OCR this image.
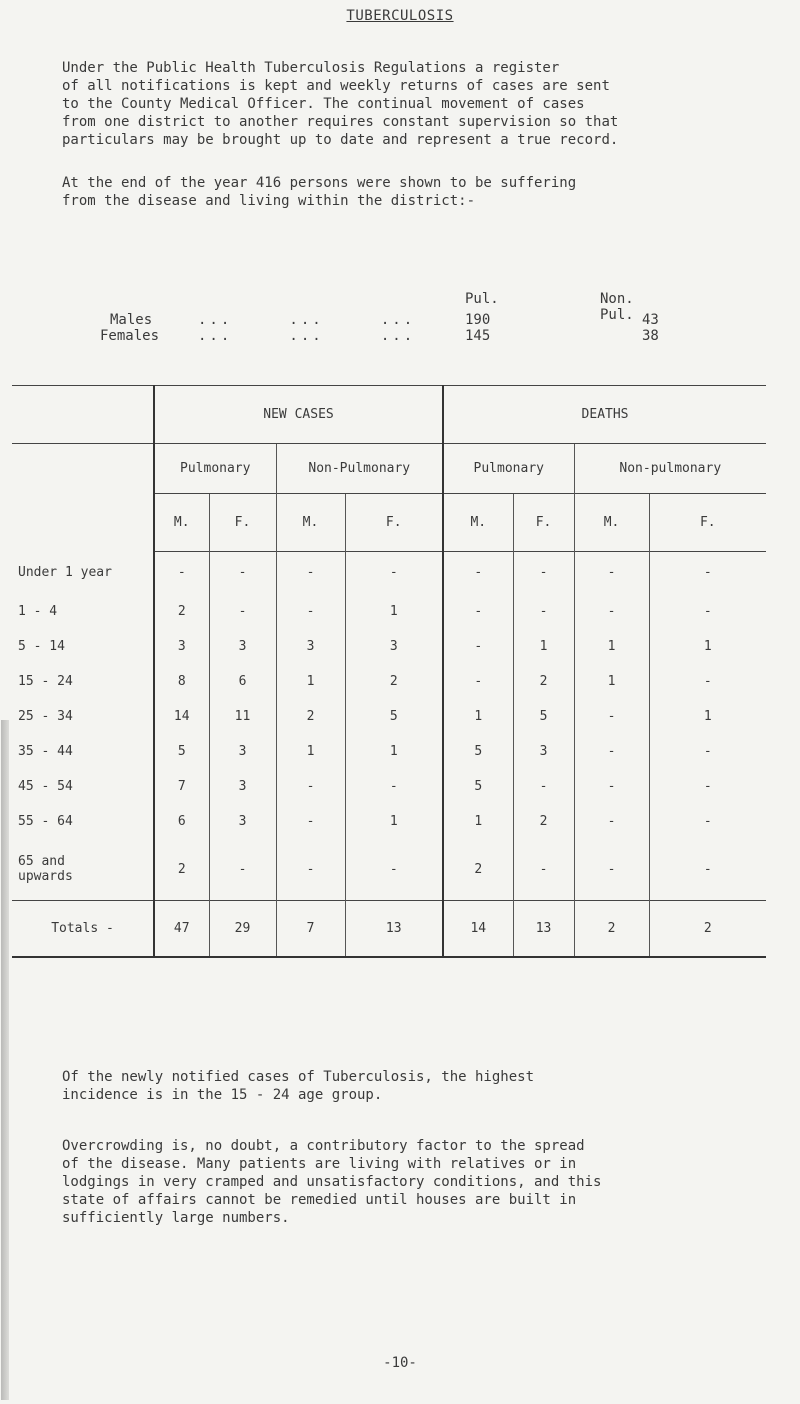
TUBERCULOSIS
Under the Public Health Tuberculosis Regulations a register
of all notifications is kept and weekly returns of cases are sent
to the County Medical Officer. The continual movement of cases
from one district to another requires constant supervision so that
particulars may be brought up to date and represent a true record.
At the end of the year 416 persons were shown to be suffering
from the disease and living within the district:-
Pul.	Non. Pul.
Males	...     ...     ...	190	43
Females	...     ...     ...	145	38
	NEW CASES				DEATHS			
	Pulmonary		Non-Pulmonary		Pulmonary		Non-pulmonary	
	M.	F.	M.	F.	M.	F.	M.	F.
Under 1 year	-	-	-	-	-	-	-	-
1 - 4	2	-	-	1	-	-	-	-
5 - 14	3	3	3	3	-	1	1	1
15 - 24	8	6	1	2	-	2	1	-
25 - 34	14	11	2	5	1	5	-	1
35 - 44	5	3	1	1	5	3	-	-
45 - 54	7	3	-	-	5	-	-	-
55 - 64	6	3	-	1	1	2	-	-
65 and
upwards	2	-	-	-	2	-	-	-
Totals -	47	29	7	13	14	13	2	2
Of the newly notified cases of Tuberculosis, the highest
incidence is in the 15 - 24 age group.
Overcrowding is, no doubt, a contributory factor to the spread
of the disease. Many patients are living with relatives or in
lodgings in very cramped and unsatisfactory conditions, and this
state of affairs cannot be remedied until houses are built in
sufficiently large numbers.
-10-
